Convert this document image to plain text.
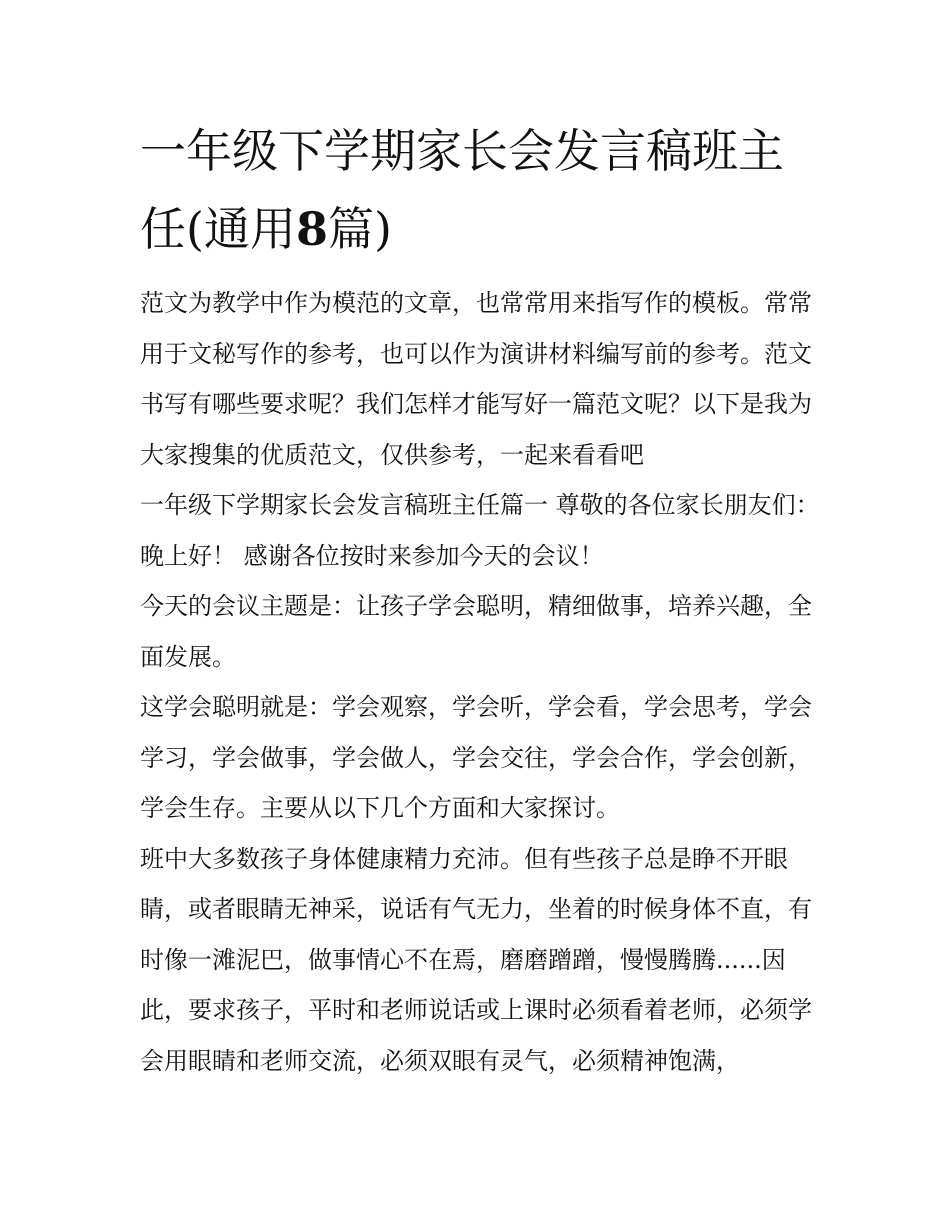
一年级下学期家长会发言稿班主任(通用8篇)

范文为教学中作为模范的文章，也常常用来指写作的模板。常常用于文秘写作的参考，也可以作为演讲材料编写前的参考。范文书写有哪些要求呢？我们怎样才能写好一篇范文呢？以下是我为大家搜集的优质范文，仅供参考，一起来看看吧

一年级下学期家长会发言稿班主任篇一 尊敬的各位家长朋友们：晚上好！ 感谢各位按时来参加今天的会议！

今天的会议主题是：让孩子学会聪明，精细做事，培养兴趣，全面发展。

这学会聪明就是：学会观察，学会听，学会看，学会思考，学会学习，学会做事，学会做人，学会交往，学会合作，学会创新，学会生存。主要从以下几个方面和大家探讨。

班中大多数孩子身体健康精力充沛。但有些孩子总是睁不开眼睛，或者眼睛无神采，说话有气无力，坐着的时候身体不直，有时像一滩泥巴，做事情心不在焉，磨磨蹭蹭，慢慢腾腾......因此，要求孩子，平时和老师说话或上课时必须看着老师，必须学会用眼睛和老师交流，必须双眼有灵气，必须精神饱满，
